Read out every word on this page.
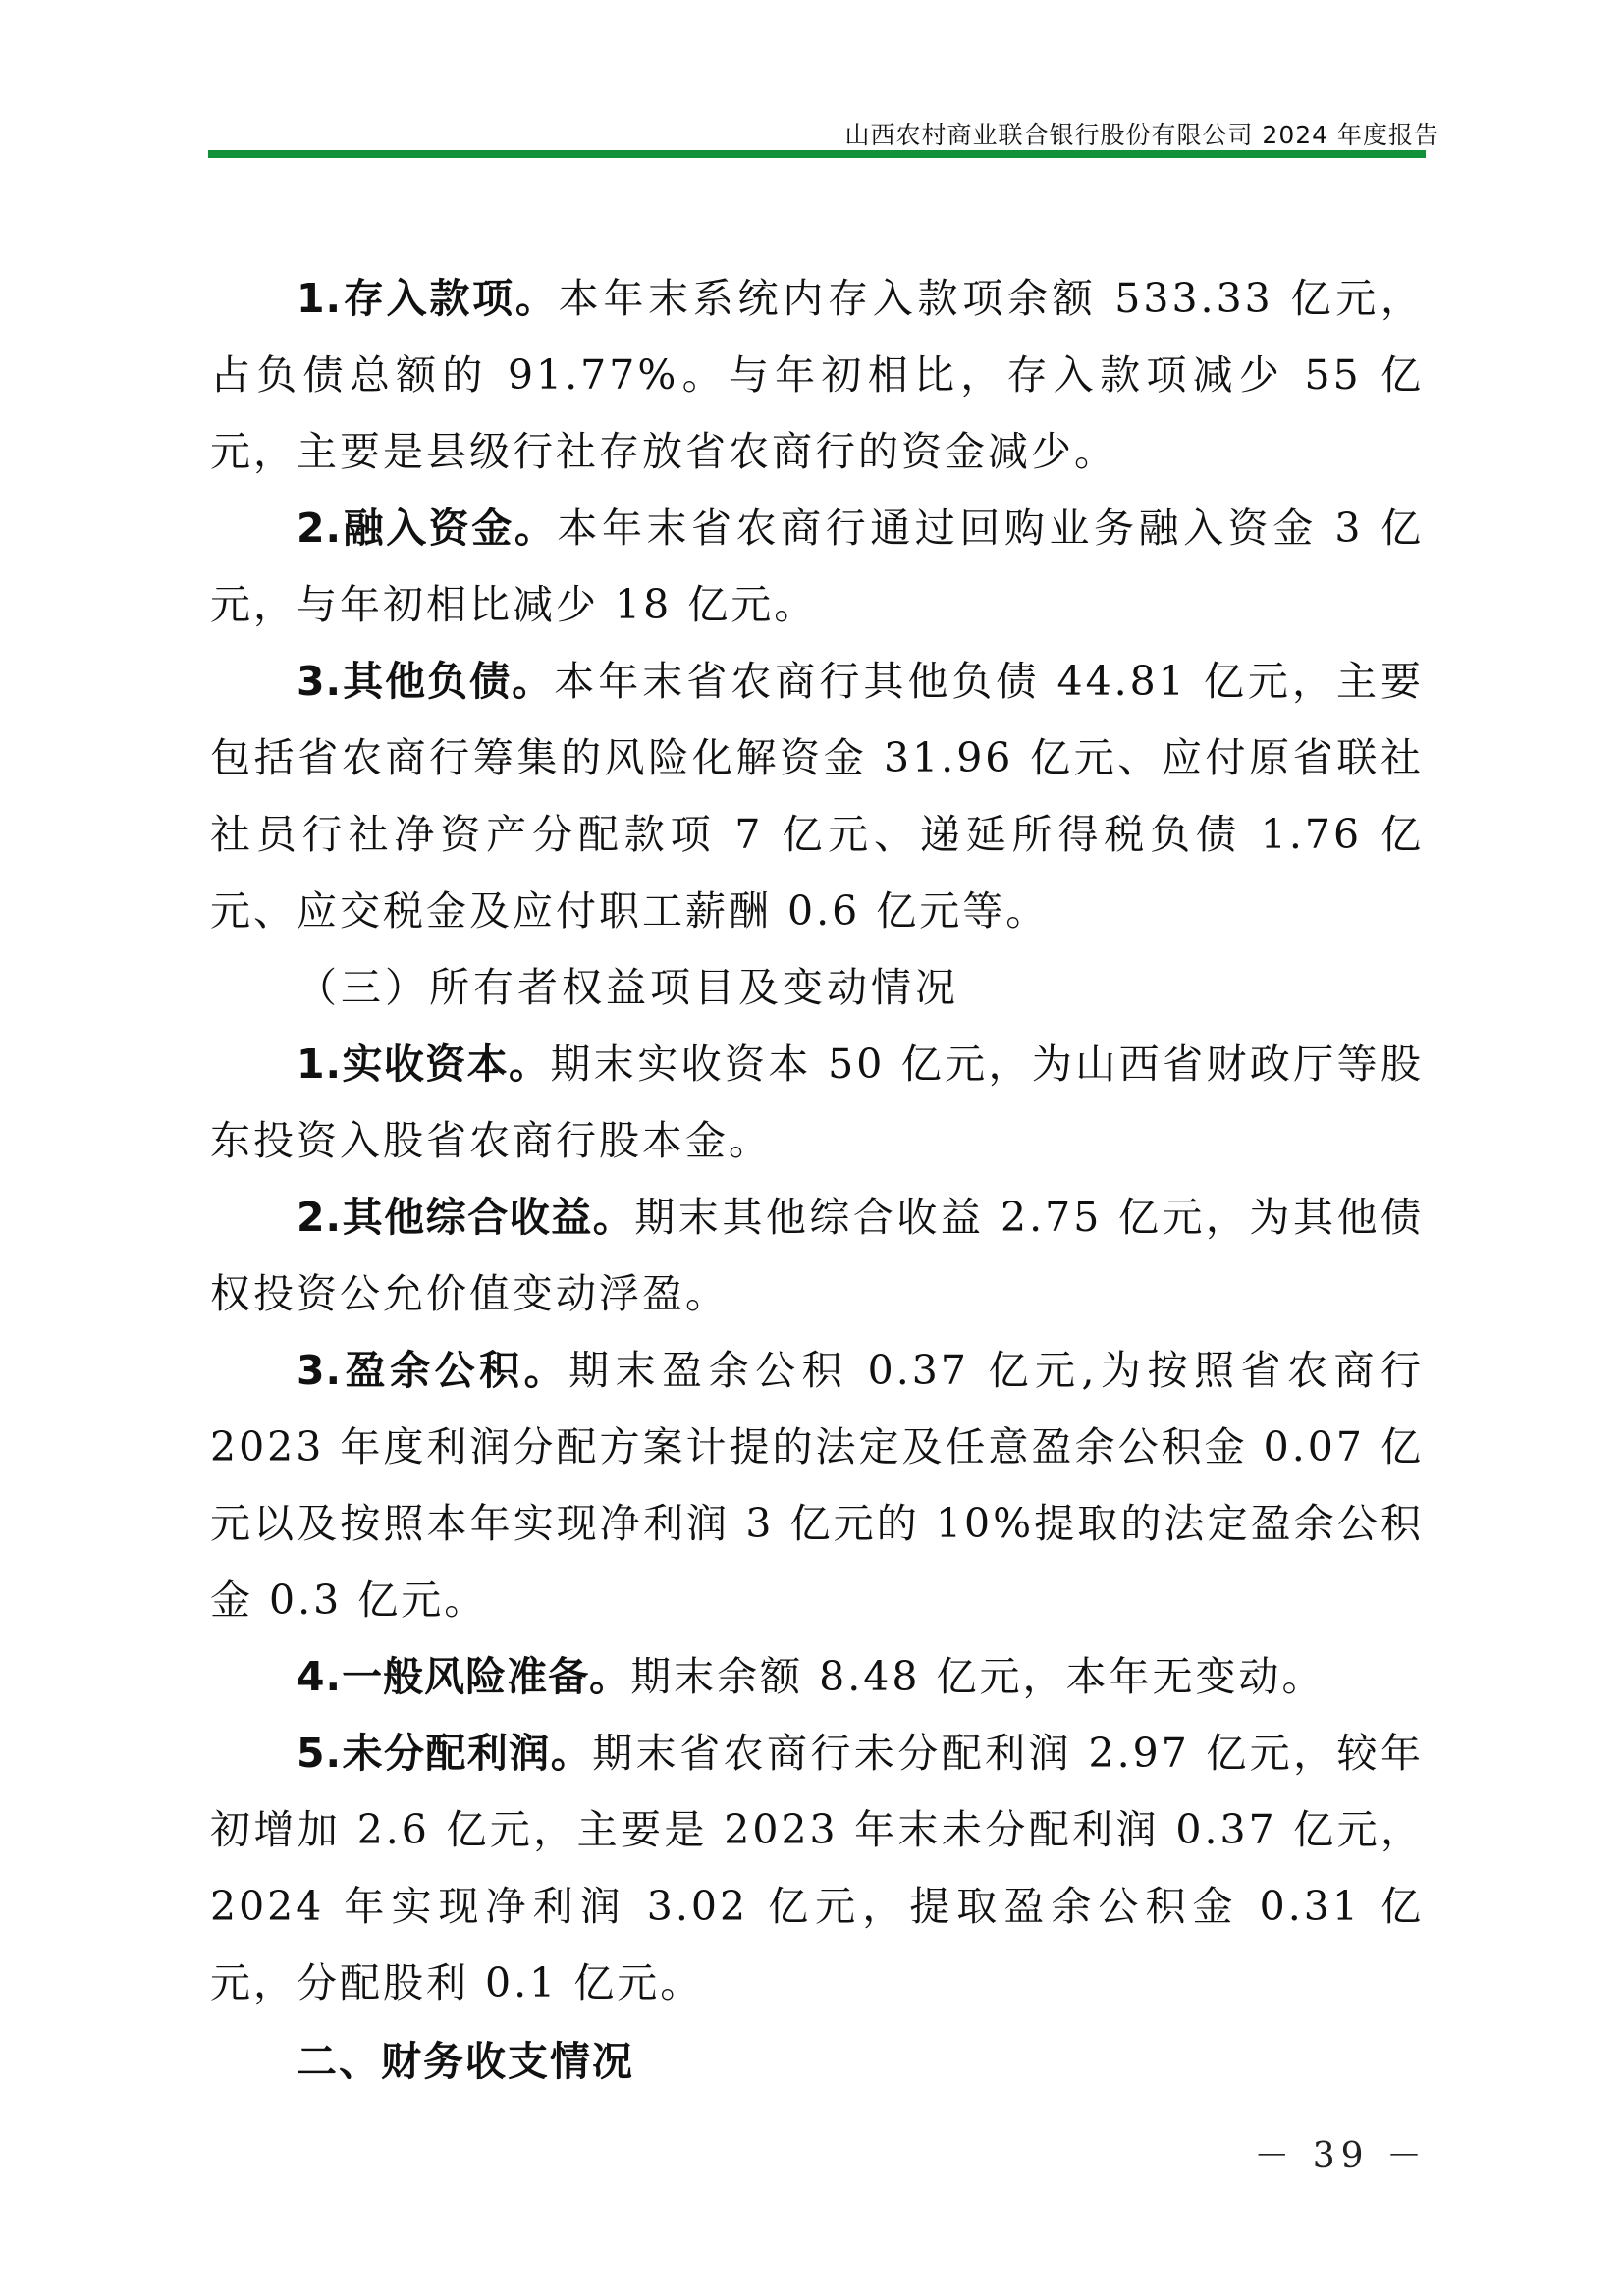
山西农村商业联合银行股份有限公司 2024 年度报告

1.存入款项。本年末系统内存入款项余额 533.33 亿元，占负债总额的 91.77%。与年初相比，存入款项减少 55 亿元，主要是县级行社存放省农商行的资金减少。

2.融入资金。本年末省农商行通过回购业务融入资金 3 亿元，与年初相比减少 18 亿元。

3.其他负债。本年末省农商行其他负债 44.81 亿元，主要包括省农商行筹集的风险化解资金 31.96 亿元、应付原省联社社员行社净资产分配款项 7 亿元、递延所得税负债 1.76 亿元、应交税金及应付职工薪酬 0.6 亿元等。

（三）所有者权益项目及变动情况

1.实收资本。期末实收资本 50 亿元，为山西省财政厅等股东投资入股省农商行股本金。

2.其他综合收益。期末其他综合收益 2.75 亿元，为其他债权投资公允价值变动浮盈。

3.盈余公积。期末盈余公积 0.37 亿元,为按照省农商行 2023 年度利润分配方案计提的法定及任意盈余公积金 0.07 亿元以及按照本年实现净利润 3 亿元的 10%提取的法定盈余公积金 0.3 亿元。

4.一般风险准备。期末余额 8.48 亿元，本年无变动。

5.未分配利润。期末省农商行未分配利润 2.97 亿元，较年初增加 2.6 亿元，主要是 2023 年末未分配利润 0.37 亿元，2024 年实现净利润 3.02 亿元，提取盈余公积金 0.31 亿元，分配股利 0.1 亿元。

二、财务收支情况

－ 39 －
